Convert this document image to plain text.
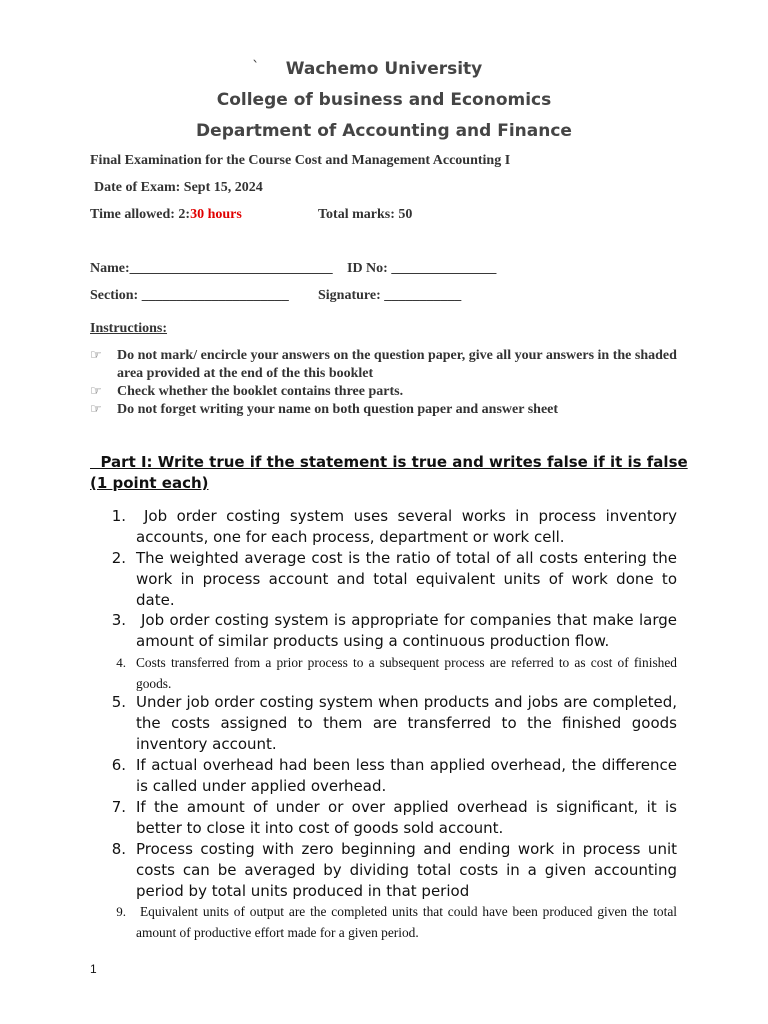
`	Wachemo University
College of business and Economics
Department of Accounting and Finance
Final Examination for the Course Cost and Management Accounting I
Date of Exam: Sept 15, 2024
Time allowed: 2:30 hours	Total marks: 50
Name:_____________________________ ID No: _______________
Section: _____________________ Signature: ___________
Instructions:
☞ Do not mark/ encircle your answers on the question paper, give all your answers in the shaded area provided at the end of the this booklet
☞ Check whether the booklet contains three parts.
☞ Do not forget writing your name on both question paper and answer sheet
Part I: Write true if the statement is true and writes false if it is false (1 point each)
1.	Job order costing system uses several works in process inventory accounts, one for each process, department or work cell.
2. The weighted average cost is the ratio of total of all costs entering the work in process account and total equivalent units of work done to date.
3.	Job order costing system is appropriate for companies that make large amount of similar products using a continuous production flow.
4. Costs transferred from a prior process to a subsequent process are referred to as cost of finished goods.
5. Under job order costing system when products and jobs are completed, the costs assigned to them are transferred to the finished goods inventory account.
6. If actual overhead had been less than applied overhead, the difference is called under applied overhead.
7. If the amount of under or over applied overhead is significant, it is better to close it into cost of goods sold account.
8. Process costing with zero beginning and ending work in process unit costs can be averaged by dividing total costs in a given accounting period by total units produced in that period
9. Equivalent units of output are the completed units that could have been produced given the total amount of productive effort made for a given period.
1
